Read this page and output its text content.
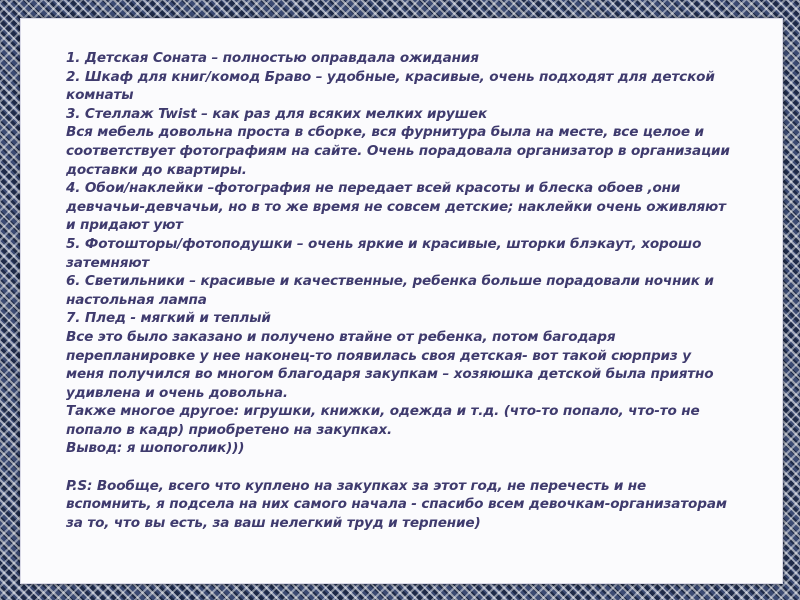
1. Детская Соната – полностью оправдала ожидания
2. Шкаф для книг/комод Браво – удобные, красивые, очень подходят для детской
комнаты
3. Стеллаж Twist – как раз для всяких мелких ирушек
Вся мебель довольна проста в сборке, вся фурнитура была на месте, все целое и
соответствует фотографиям на сайте. Очень порадовала организатор в организации
доставки до квартиры.
4. Обои/наклейки –фотография не передает всей красоты и блеска обоев ,они
девчачьи-девчачьи, но в то же время не совсем детские; наклейки очень оживляют
и придают уют
5. Фотошторы/фотоподушки – очень яркие и красивые, шторки блэкаут, хорошо
затемняют
6. Светильники – красивые и качественные, ребенка больше порадовали ночник и
настольная лампа
7. Плед - мягкий и теплый
Все это было заказано и получено втайне от ребенка, потом багодаря
перепланировке у нее наконец-то появилась своя детская- вот такой сюрприз у
меня получился во многом благодаря закупкам – хозяюшка детской была приятно
удивлена и очень довольна.
Также многое другое: игрушки, книжки, одежда и т.д. (что-то попало, что-то не
попало в кадр) приобретено на закупках.
Вывод: я шопоголик)))
P.S: Вообще, всего что куплено на закупках за этот год, не перечесть и не
вспомнить, я подсела на них самого начала - спасибо всем девочкам-организаторам
за то, что вы есть, за ваш нелегкий труд и терпение)
